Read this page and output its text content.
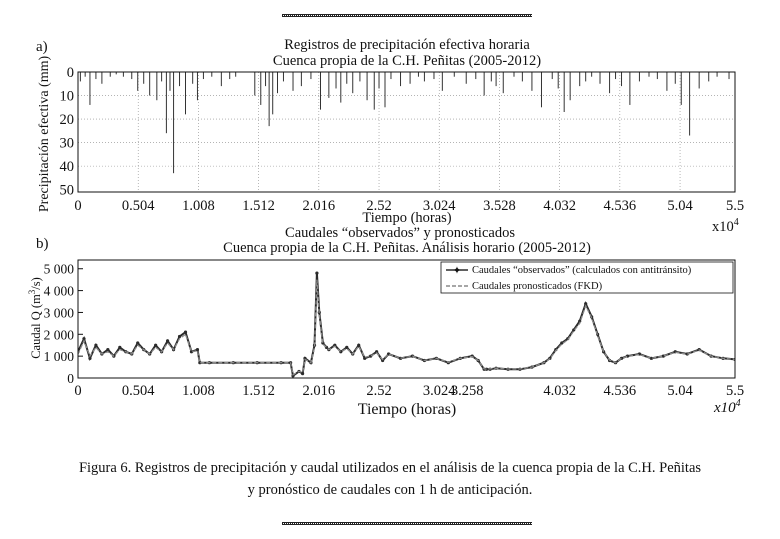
a)	Registros de precipitación efectiva horaria
Cuenca propia de la C.H. Peñitas (2005-2012)
0	0.504 1.008 1.512 2.016 2.52 3.024 3.528 4.032 4.536 5.04 5.5
0
10
20
30
40
50
Tiempo (horas)
Precipitación efectiva (mm)
$x10^4$
b)
Caudales “observados” y pronosticados
Cuenca propia de la C.H. Peñitas. Análisis horario (2005-2012)
0	0.504 1.008 1.512 2.016 2.52 3.024
3.258	4.032 4.536 5.04 5.5
0
1 000
2 000
3 000
4 000
5 000
Tiempo (horas)
Caudal Q $(m^3/s)$
$x10^4$
✦ Caudales “observados” (calculados con antitránsito)
Caudales pronosticados (FKD)
Figura 6. Registros de precipitación y caudal utilizados en el análisis de la cuenca propia de la C.H. Peñitas
y pronóstico de caudales con 1 h de anticipación.
